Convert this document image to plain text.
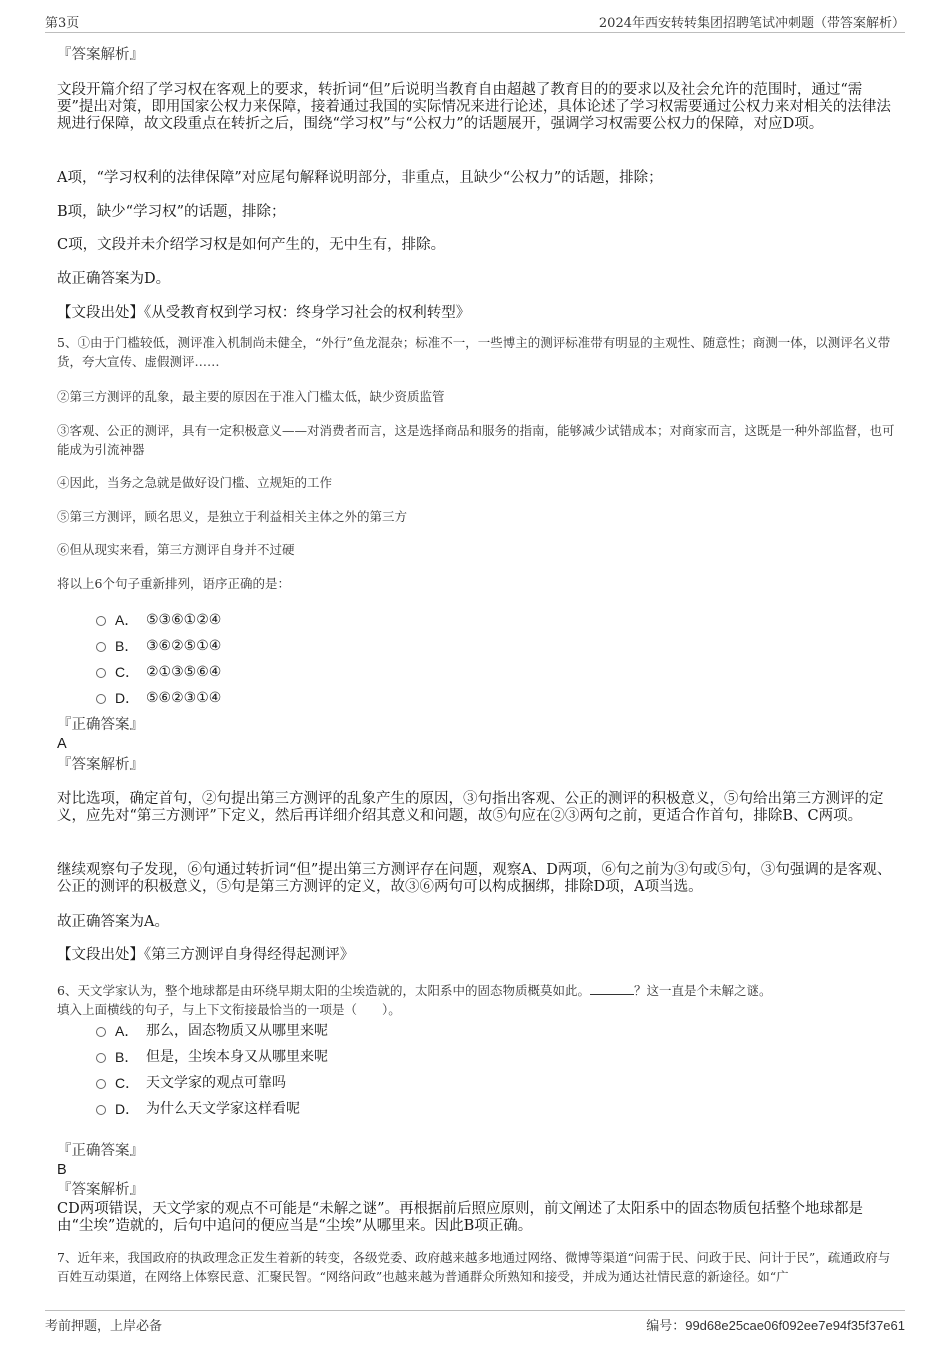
第3页	2024年西安转转集团招聘笔试冲刺题（带答案解析）
『答案解析』
文段开篇介绍了学习权在客观上的要求，转折词“但”后说明当教育自由超越了教育目的的要求以及社会允许的范围时，通过“需要”提出对策，即用国家公权力来保障，接着通过我国的实际情况来进行论述，具体论述了学习权需要通过公权力来对相关的法律法规进行保障，故文段重点在转折之后，围绕“学习权”与“公权力”的话题展开，强调学习权需要公权力的保障，对应D项。
A项，“学习权利的法律保障”对应尾句解释说明部分，非重点，且缺少“公权力”的话题，排除；
B项，缺少“学习权”的话题，排除；
C项，文段并未介绍学习权是如何产生的，无中生有，排除。
故正确答案为D。
【文段出处】《从受教育权到学习权：终身学习社会的权利转型》
5、①由于门槛较低，测评准入机制尚未健全，“外行”鱼龙混杂；标准不一，一些博主的测评标准带有明显的主观性、随意性；商测一体，以测评名义带货，夸大宣传、虚假测评……
②第三方测评的乱象，最主要的原因在于准入门槛太低，缺少资质监管
③客观、公正的测评，具有一定积极意义——对消费者而言，这是选择商品和服务的指南，能够减少试错成本；对商家而言，这既是一种外部监督，也可能成为引流神器
④因此，当务之急就是做好设门槛、立规矩的工作
⑤第三方测评，顾名思义，是独立于利益相关主体之外的第三方
⑥但从现实来看，第三方测评自身并不过硬
将以上6个句子重新排列，语序正确的是：
A． ⑤③⑥①②④
B． ③⑥②⑤①④
C． ②①③⑤⑥④
D． ⑤⑥②③①④
『正确答案』
A
『答案解析』
对比选项，确定首句，②句提出第三方测评的乱象产生的原因，③句指出客观、公正的测评的积极意义，⑤句给出第三方测评的定义，应先对“第三方测评”下定义，然后再详细介绍其意义和问题，故⑤句应在②③两句之前，更适合作首句，排除B、C两项。
继续观察句子发现，⑥句通过转折词“但”提出第三方测评存在问题，观察A、D两项，⑥句之前为③句或⑤句，③句强调的是客观、公正的测评的积极意义，⑤句是第三方测评的定义，故③⑥两句可以构成捆绑，排除D项，A项当选。
故正确答案为A。
【文段出处】《第三方测评自身得经得起测评》
6、天文学家认为，整个地球都是由环绕早期太阳的尘埃造就的，太阳系中的固态物质概莫如此。	？这一直是个未解之谜。
填入上面横线的句子，与上下文衔接最恰当的一项是（　　）。
A． 那么，固态物质又从哪里来呢
B． 但是，尘埃本身又从哪里来呢
C． 天文学家的观点可靠吗
D． 为什么天文学家这样看呢
『正确答案』
B
『答案解析』
CD两项错误，天文学家的观点不可能是“未解之谜”。再根据前后照应原则，前文阐述了太阳系中的固态物质包括整个地球都是由“尘埃”造就的，后句中追问的便应当是“尘埃”从哪里来。因此B项正确。
7、近年来，我国政府的执政理念正发生着新的转变，各级党委、政府越来越多地通过网络、微博等渠道“问需于民、问政于民、问计于民”，疏通政府与百姓互动渠道，在网络上体察民意、汇聚民智。“网络问政”也越来越为普通群众所熟知和接受，并成为通达社情民意的新途径。如“广
考前押题，上岸必备	编号：99d68e25cae06f092ee7e94f35f37e61
